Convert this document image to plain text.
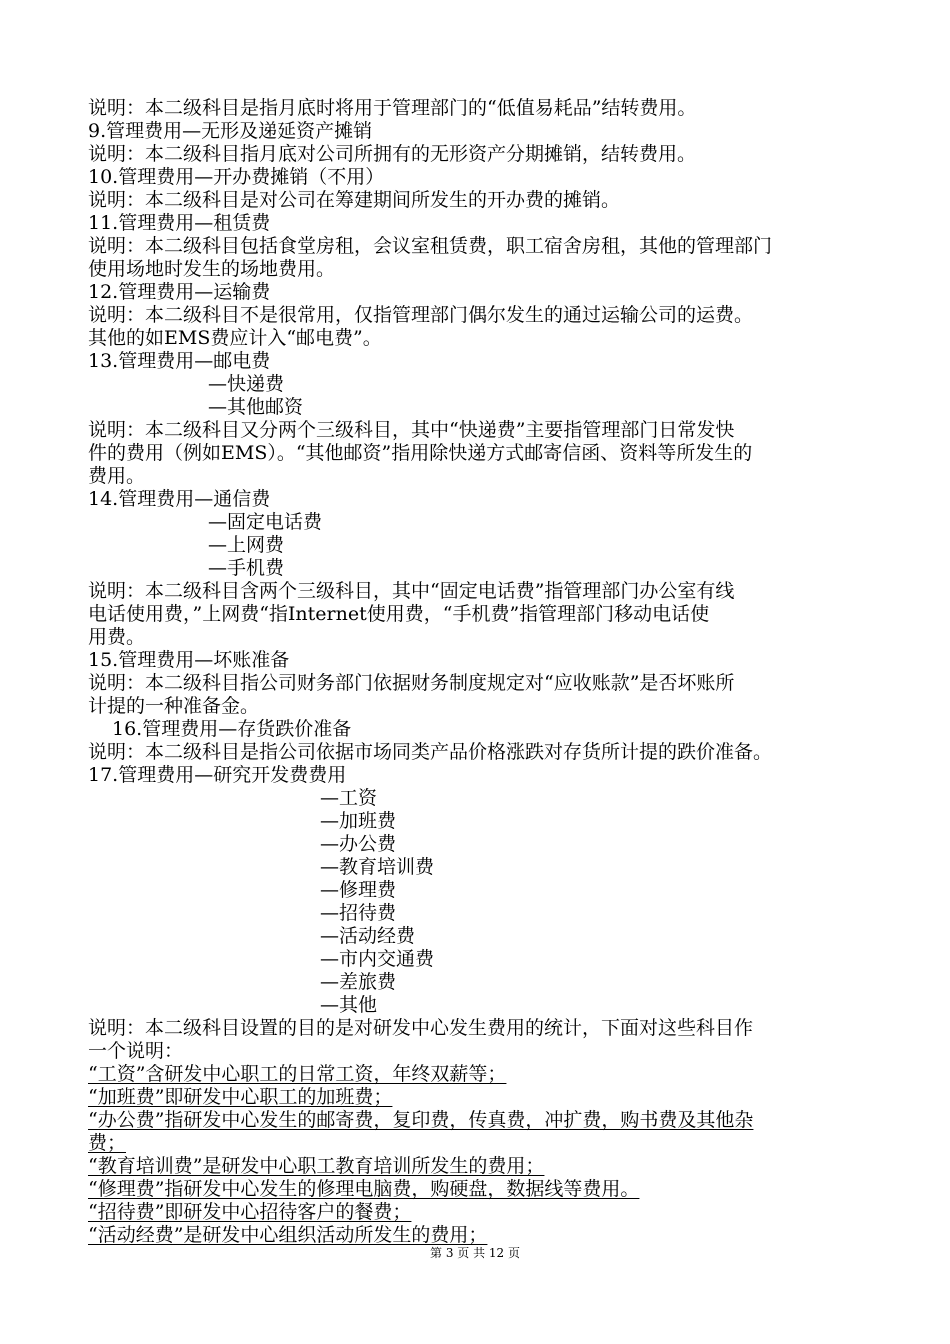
说明：本二级科目是指月底时将用于管理部门的“低值易耗品”结转费用。
9.管理费用—无形及递延资产摊销
说明：本二级科目指月底对公司所拥有的无形资产分期摊销，结转费用。
10.管理费用—开办费摊销（不用）
说明：本二级科目是对公司在筹建期间所发生的开办费的摊销。
11.管理费用—租赁费
说明：本二级科目包括食堂房租，会议室租赁费，职工宿舍房租，其他的管理部门
使用场地时发生的场地费用。
12.管理费用—运输费
说明：本二级科目不是很常用，仅指管理部门偶尔发生的通过运输公司的运费。
其他的如EMS费应计入“邮电费”。
13.管理费用—邮电费
—快递费
—其他邮资
说明：本二级科目又分两个三级科目，其中“快递费”主要指管理部门日常发快
件的费用（例如EMS）。“其他邮资”指用除快递方式邮寄信函、资料等所发生的
费用。
14.管理费用—通信费
—固定电话费
—上网费
—手机费
说明：本二级科目含两个三级科目，其中“固定电话费”指管理部门办公室有线
电话使用费，”上网费“指Internet使用费，“手机费”指管理部门移动电话使
用费。
15.管理费用—坏账准备
说明：本二级科目指公司财务部门依据财务制度规定对“应收账款”是否坏账所
计提的一种准备金。
16.管理费用—存货跌价准备
说明：本二级科目是指公司依据市场同类产品价格涨跌对存货所计提的跌价准备。
17.管理费用—研究开发费费用
—工资
—加班费
—办公费
—教育培训费
—修理费
—招待费
—活动经费
—市内交通费
—差旅费
—其他
说明：本二级科目设置的目的是对研发中心发生费用的统计，下面对这些科目作
一个说明：
“工资”含研发中心职工的日常工资，年终双薪等；
“加班费”即研发中心职工的加班费；
“办公费”指研发中心发生的邮寄费，复印费，传真费，冲扩费，购书费及其他杂
费；
“教育培训费”是研发中心职工教育培训所发生的费用；
“修理费”指研发中心发生的修理电脑费，购硬盘，数据线等费用。
“招待费”即研发中心招待客户的餐费；
“活动经费”是研发中心组织活动所发生的费用；
第 3 页 共 12 页
